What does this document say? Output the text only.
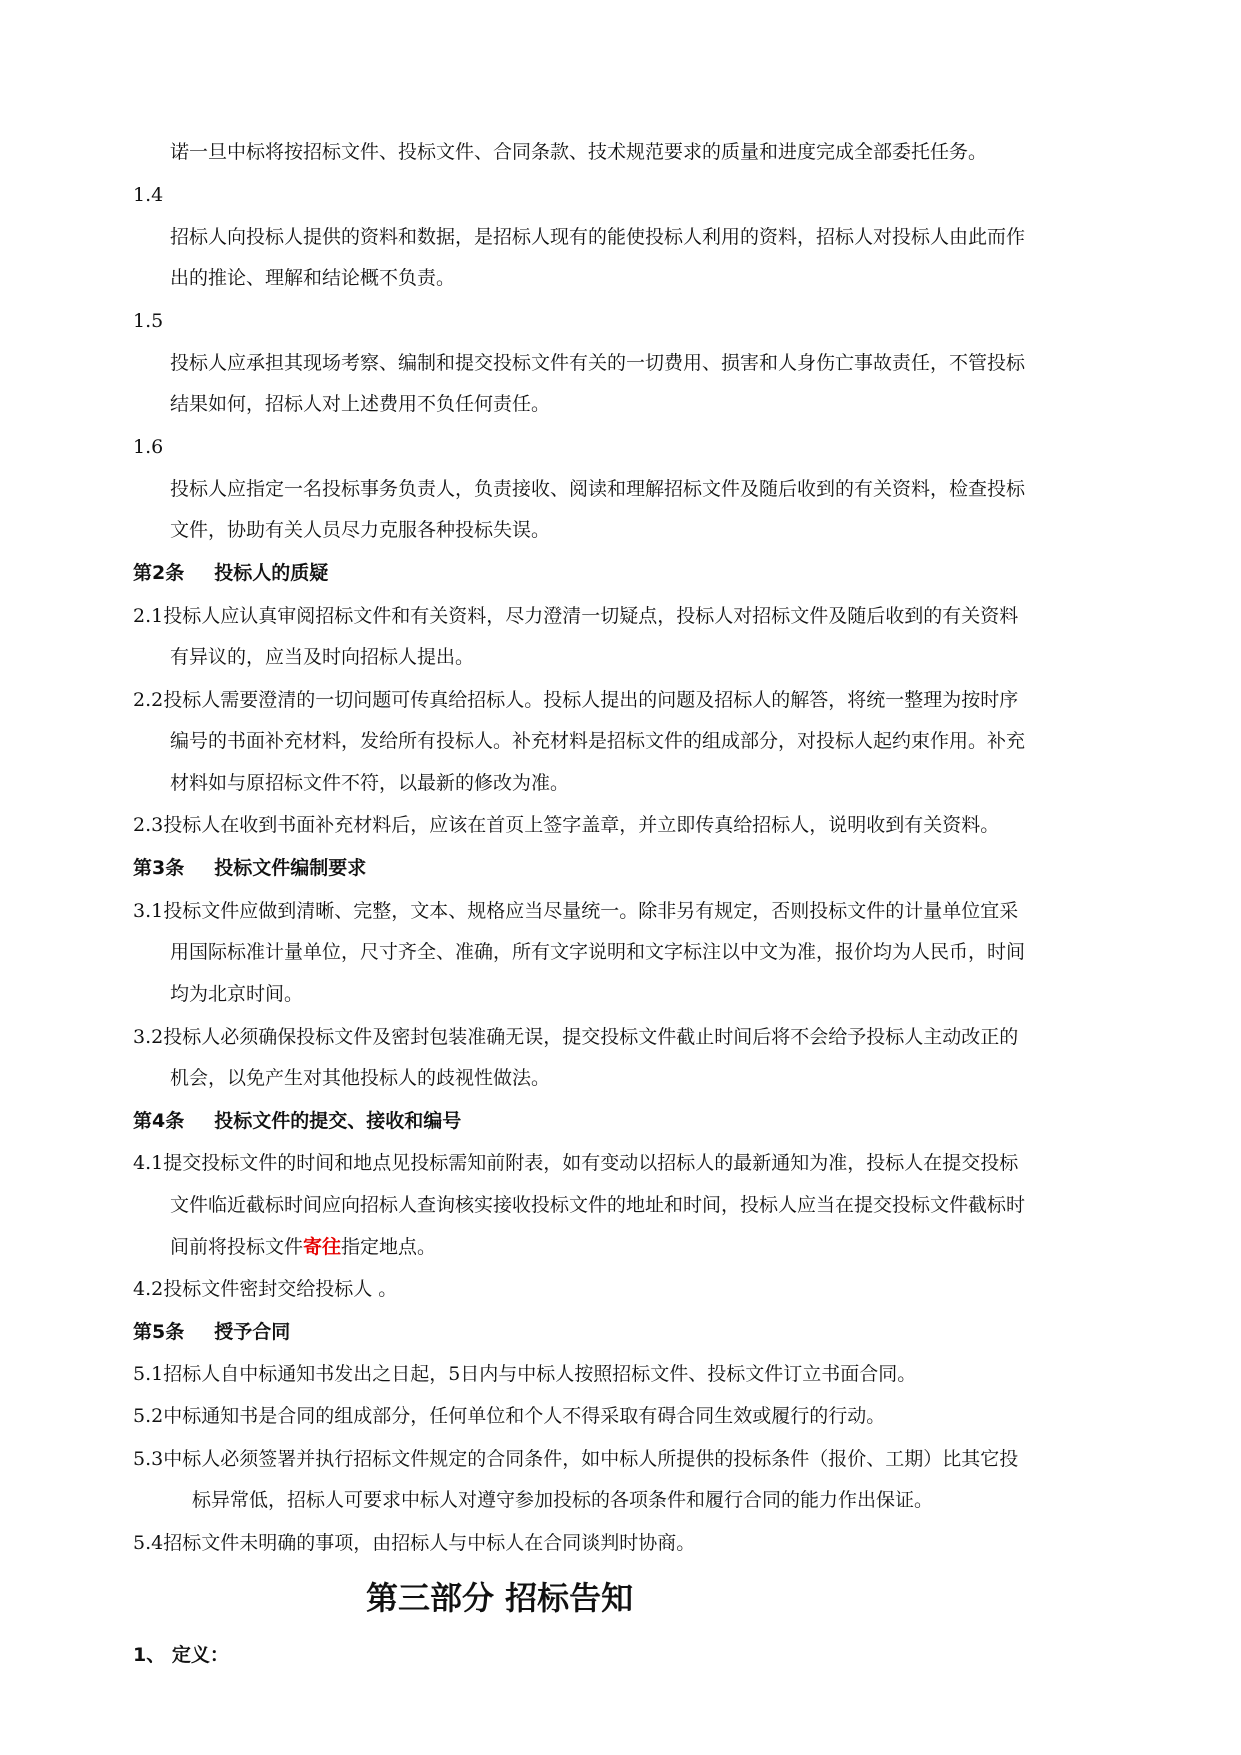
诺一旦中标将按招标文件、投标文件、合同条款、技术规范要求的质量和进度完成全部委托任务。

1.4

招标人向投标人提供的资料和数据，是招标人现有的能使投标人利用的资料，招标人对投标人由此而作

出的推论、理解和结论概不负责。

1.5

投标人应承担其现场考察、编制和提交投标文件有关的一切费用、损害和人身伤亡事故责任，不管投标

结果如何，招标人对上述费用不负任何责任。

1.6

投标人应指定一名投标事务负责人，负责接收、阅读和理解招标文件及随后收到的有关资料，检查投标

文件，协助有关人员尽力克服各种投标失误。

第2条 投标人的质疑

2.1投标人应认真审阅招标文件和有关资料，尽力澄清一切疑点，投标人对招标文件及随后收到的有关资料

有异议的，应当及时向招标人提出。

2.2投标人需要澄清的一切问题可传真给招标人。投标人提出的问题及招标人的解答，将统一整理为按时序

编号的书面补充材料，发给所有投标人。补充材料是招标文件的组成部分，对投标人起约束作用。补充

材料如与原招标文件不符，以最新的修改为准。

2.3投标人在收到书面补充材料后，应该在首页上签字盖章，并立即传真给招标人，说明收到有关资料。

第3条 投标文件编制要求

3.1投标文件应做到清晰、完整，文本、规格应当尽量统一。除非另有规定，否则投标文件的计量单位宜采

用国际标准计量单位，尺寸齐全、准确，所有文字说明和文字标注以中文为准，报价均为人民币，时间

均为北京时间。

3.2投标人必须确保投标文件及密封包装准确无误，提交投标文件截止时间后将不会给予投标人主动改正的

机会，以免产生对其他投标人的歧视性做法。

第4条 投标文件的提交、接收和编号

4.1提交投标文件的时间和地点见投标需知前附表，如有变动以招标人的最新通知为准，投标人在提交投标

文件临近截标时间应向招标人查询核实接收投标文件的地址和时间，投标人应当在提交投标文件截标时

间前将投标文件寄往指定地点。

4.2投标文件密封交给投标人 。

第5条 授予合同

5.1招标人自中标通知书发出之日起，5日内与中标人按照招标文件、投标文件订立书面合同。

5.2中标通知书是合同的组成部分，任何单位和个人不得采取有碍合同生效或履行的行动。

5.3中标人必须签署并执行招标文件规定的合同条件，如中标人所提供的投标条件（报价、工期）比其它投

标异常低，招标人可要求中标人对遵守参加投标的各项条件和履行合同的能力作出保证。

5.4招标文件未明确的事项，由招标人与中标人在合同谈判时协商。

第三部分 招标告知
1、 定义：
